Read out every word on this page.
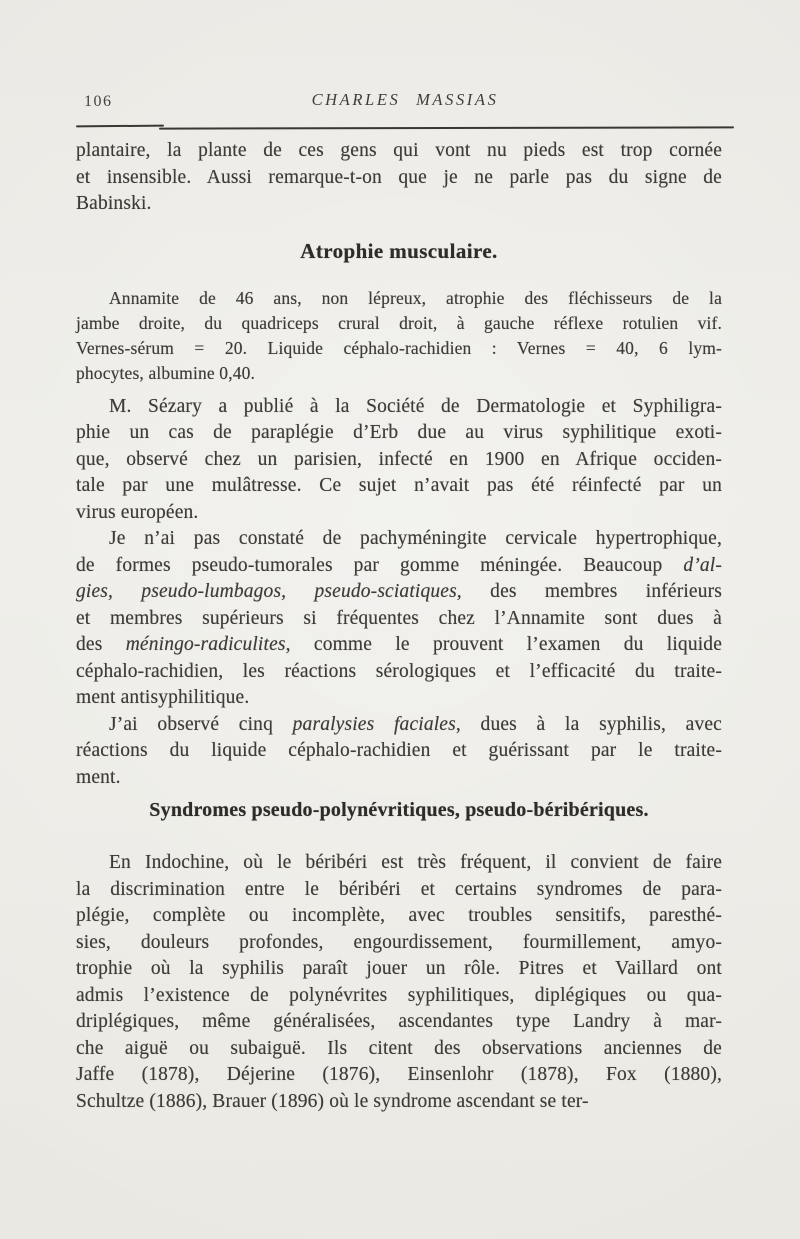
106	CHARLES MASSIAS
plantaire, la plante de ces gens qui vont nu pieds est trop cornée
et insensible. Aussi remarque-t-on que je ne parle pas du signe de
Babinski.
Atrophie musculaire.
Annamite de 46 ans, non lépreux, atrophie des fléchisseurs de la
jambe droite, du quadriceps crural droit, à gauche réflexe rotulien vif.
Vernes-sérum = 20. Liquide céphalo-rachidien : Vernes = 40, 6 lym-
phocytes, albumine 0,40.
M. Sézary a publié à la Société de Dermatologie et Syphiligra-
phie un cas de paraplégie d’Erb due au virus syphilitique exoti-
que, observé chez un parisien, infecté en 1900 en Afrique occiden-
tale par une mulâtresse. Ce sujet n’avait pas été réinfecté par un
virus européen.
Je n’ai pas constaté de pachyméningite cervicale hypertrophique,
de formes pseudo-tumorales par gomme méningée. Beaucoup d’al-
gies, pseudo-lumbagos, pseudo-sciatiques, des membres inférieurs
et membres supérieurs si fréquentes chez l’Annamite sont dues à
des méningo-radiculites, comme le prouvent l’examen du liquide
céphalo-rachidien, les réactions sérologiques et l’efficacité du traite-
ment antisyphilitique.
J’ai observé cinq paralysies faciales, dues à la syphilis, avec
réactions du liquide céphalo-rachidien et guérissant par le traite-
ment.
Syndromes pseudo-polynévritiques, pseudo-béribériques.
En Indochine, où le béribéri est très fréquent, il convient de faire
la discrimination entre le béribéri et certains syndromes de para-
plégie, complète ou incomplète, avec troubles sensitifs, paresthé-
sies, douleurs profondes, engourdissement, fourmillement, amyo-
trophie où la syphilis paraît jouer un rôle. Pitres et Vaillard ont
admis l’existence de polynévrites syphilitiques, diplégiques ou qua-
driplégiques, même généralisées, ascendantes type Landry à mar-
che aiguë ou subaiguë. Ils citent des observations anciennes de
Jaffe (1878), Déjerine (1876), Einsenlohr (1878), Fox (1880),
Schultze (1886), Brauer (1896) où le syndrome ascendant se ter-
